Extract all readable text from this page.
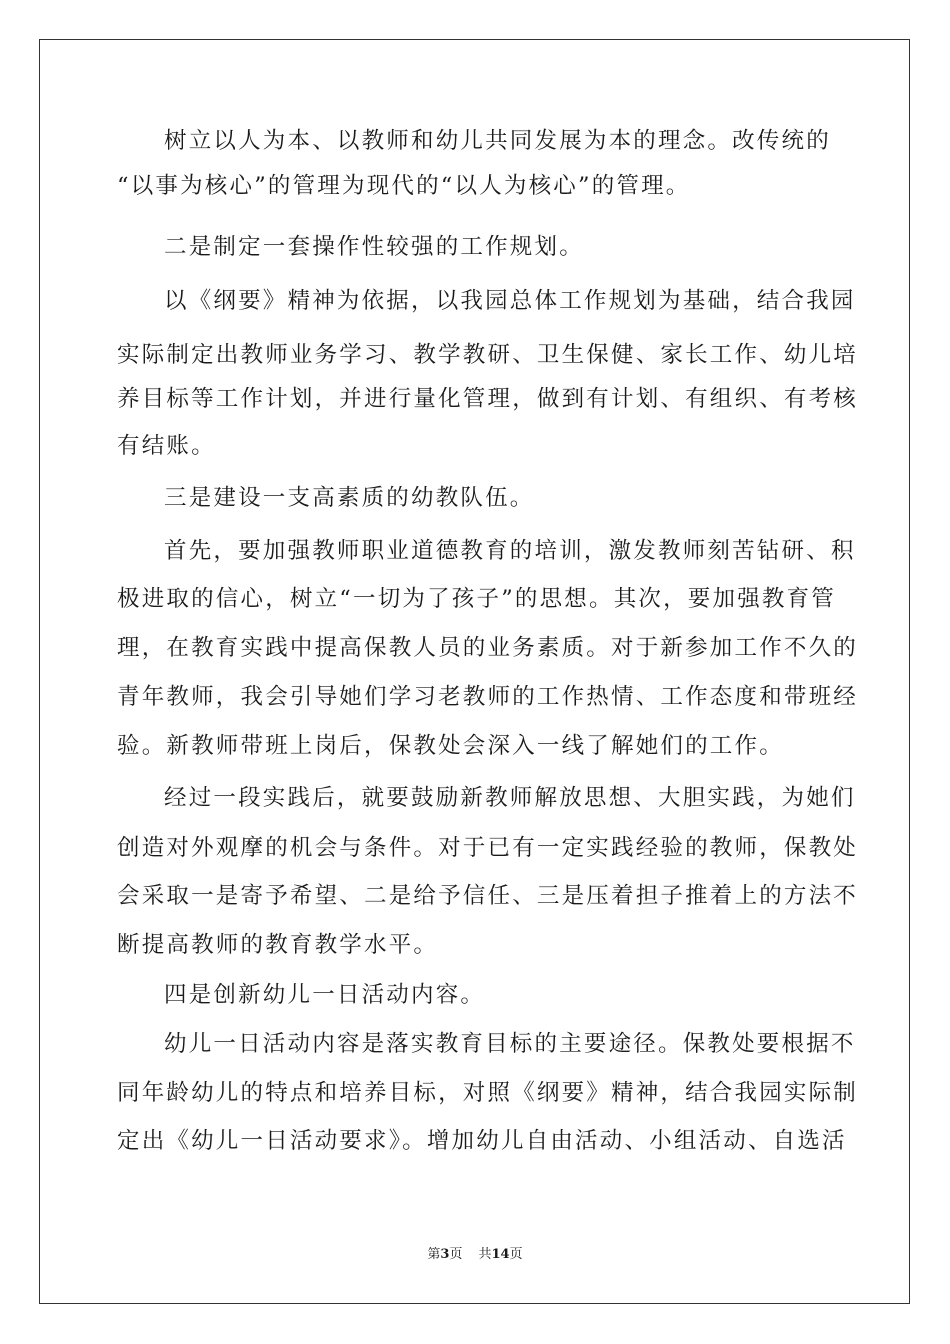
树立以人为本、以教师和幼儿共同发展为本的理念。改传统的
“以事为核心”的管理为现代的“以人为核心”的管理。
二是制定一套操作性较强的工作规划。
以《纲要》精神为依据，以我园总体工作规划为基础，结合我园
实际制定出教师业务学习、教学教研、卫生保健、家长工作、幼儿培
养目标等工作计划，并进行量化管理，做到有计划、有组织、有考核
有结账。
三是建设一支高素质的幼教队伍。
首先，要加强教师职业道德教育的培训，激发教师刻苦钻研、积
极进取的信心，树立“一切为了孩子”的思想。其次，要加强教育管
理，在教育实践中提高保教人员的业务素质。对于新参加工作不久的
青年教师，我会引导她们学习老教师的工作热情、工作态度和带班经
验。新教师带班上岗后，保教处会深入一线了解她们的工作。
经过一段实践后，就要鼓励新教师解放思想、大胆实践，为她们
创造对外观摩的机会与条件。对于已有一定实践经验的教师，保教处
会采取一是寄予希望、二是给予信任、三是压着担子推着上的方法不
断提高教师的教育教学水平。
四是创新幼儿一日活动内容。
幼儿一日活动内容是落实教育目标的主要途径。保教处要根据不
同年龄幼儿的特点和培养目标，对照《纲要》精神，结合我园实际制
定出《幼儿一日活动要求》。增加幼儿自由活动、小组活动、自选活
第3页 共14页
